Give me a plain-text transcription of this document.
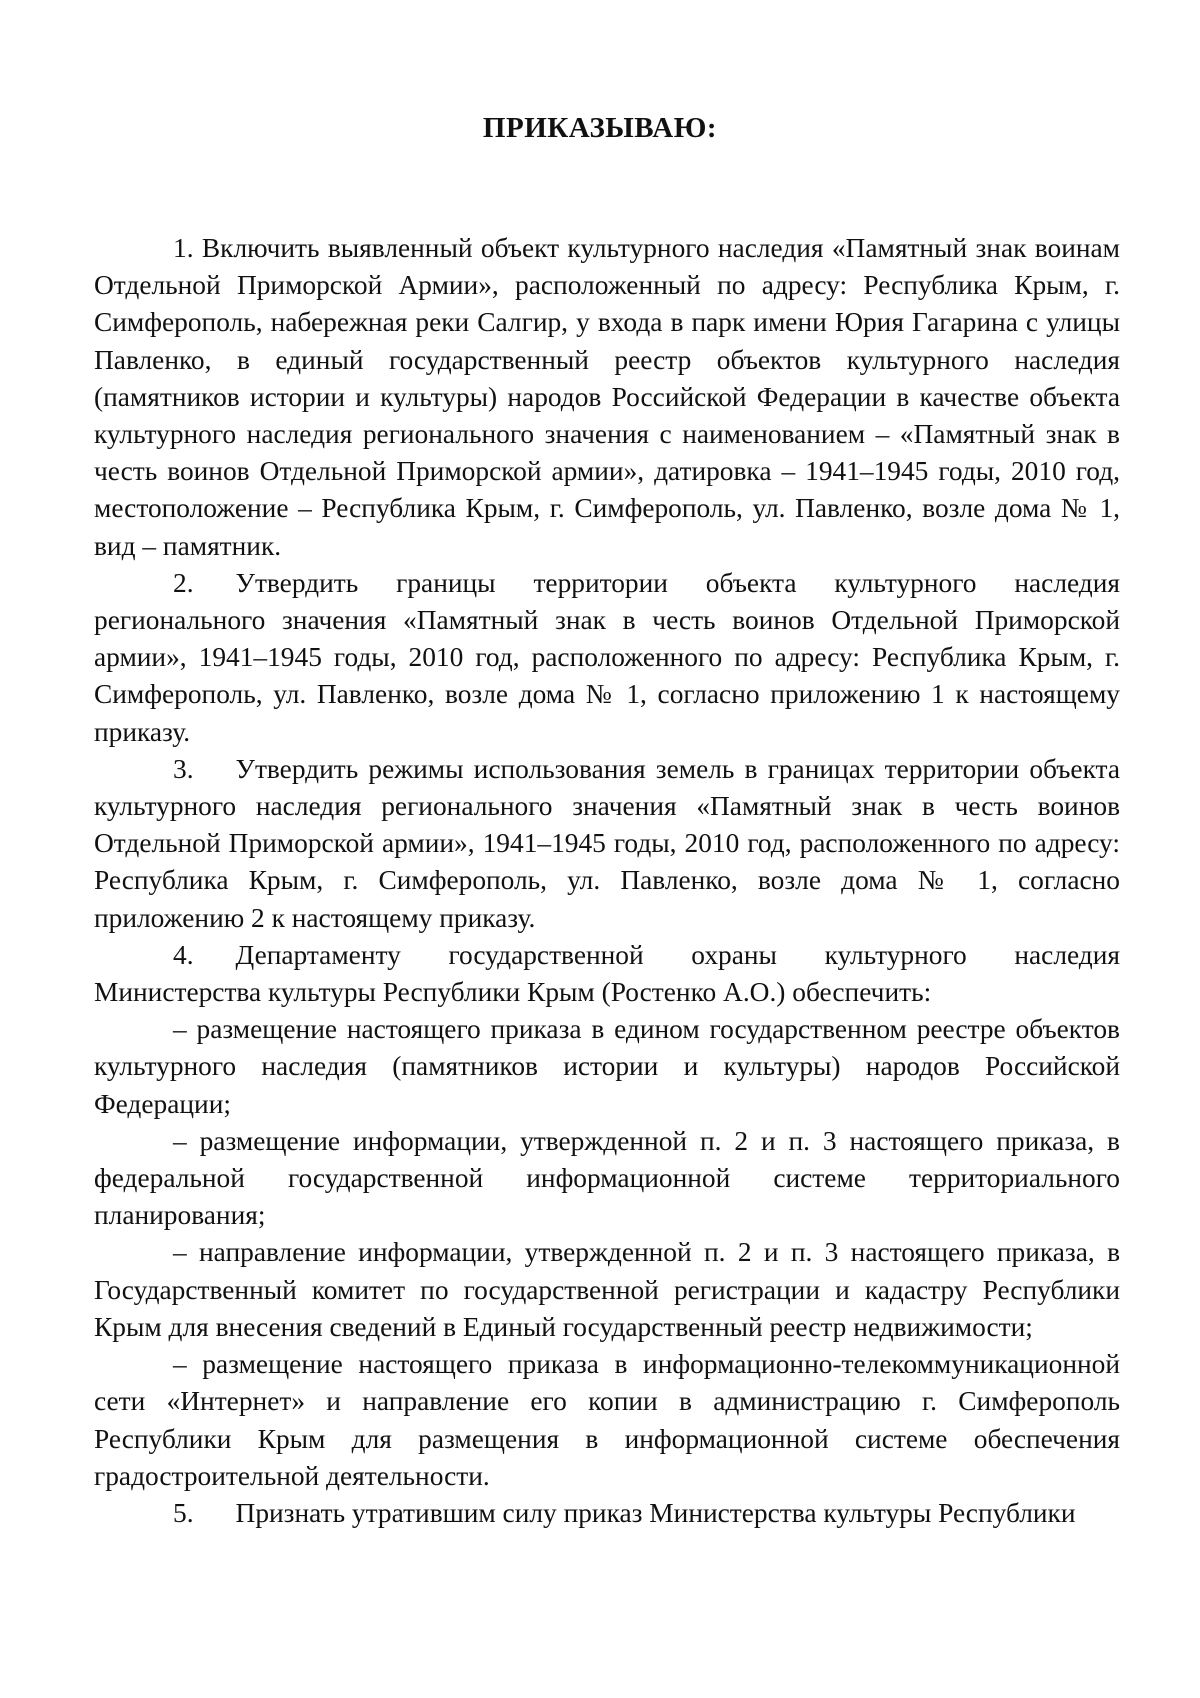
ПРИКАЗЫВАЮ:

1. Включить выявленный объект культурного наследия «Памятный знак воинам Отдельной Приморской Армии», расположенный по адресу: Республика Крым, г. Симферополь, набережная реки Салгир, у входа в парк имени Юрия Гагарина с улицы Павленко, в единый государственный реестр объектов культурного наследия (памятников истории и культуры) народов Российской Федерации в качестве объекта культурного наследия регионального значения с наименованием – «Памятный знак в честь воинов Отдельной Приморской армии», датировка – 1941–1945 годы, 2010 год, местоположение – Республика Крым, г. Симферополь, ул. Павленко, возле дома № 1, вид – памятник.

2. Утвердить границы территории объекта культурного наследия регионального значения «Памятный знак в честь воинов Отдельной Приморской армии», 1941–1945 годы, 2010 год, расположенного по адресу: Республика Крым, г. Симферополь, ул. Павленко, возле дома № 1, согласно приложению 1 к настоящему приказу.

3. Утвердить режимы использования земель в границах территории объекта культурного наследия регионального значения «Памятный знак в честь воинов Отдельной Приморской армии», 1941–1945 годы, 2010 год, расположенного по адресу: Республика Крым, г. Симферополь, ул. Павленко, возле дома № 1, согласно приложению 2 к настоящему приказу.

4. Департаменту государственной охраны культурного наследия Министерства культуры Республики Крым (Ростенко А.О.) обеспечить:

– размещение настоящего приказа в едином государственном реестре объектов культурного наследия (памятников истории и культуры) народов Российской Федерации;

– размещение информации, утвержденной п. 2 и п. 3 настоящего приказа, в федеральной государственной информационной системе территориального планирования;

– направление информации, утвержденной п. 2 и п. 3 настоящего приказа, в Государственный комитет по государственной регистрации и кадастру Республики Крым для внесения сведений в Единый государственный реестр недвижимости;

– размещение настоящего приказа в информационно-телекоммуникационной сети «Интернет» и направление его копии в администрацию г. Симферополь Республики Крым для размещения в информационной системе обеспечения градостроительной деятельности.

5. Признать утратившим силу приказ Министерства культуры Республики
